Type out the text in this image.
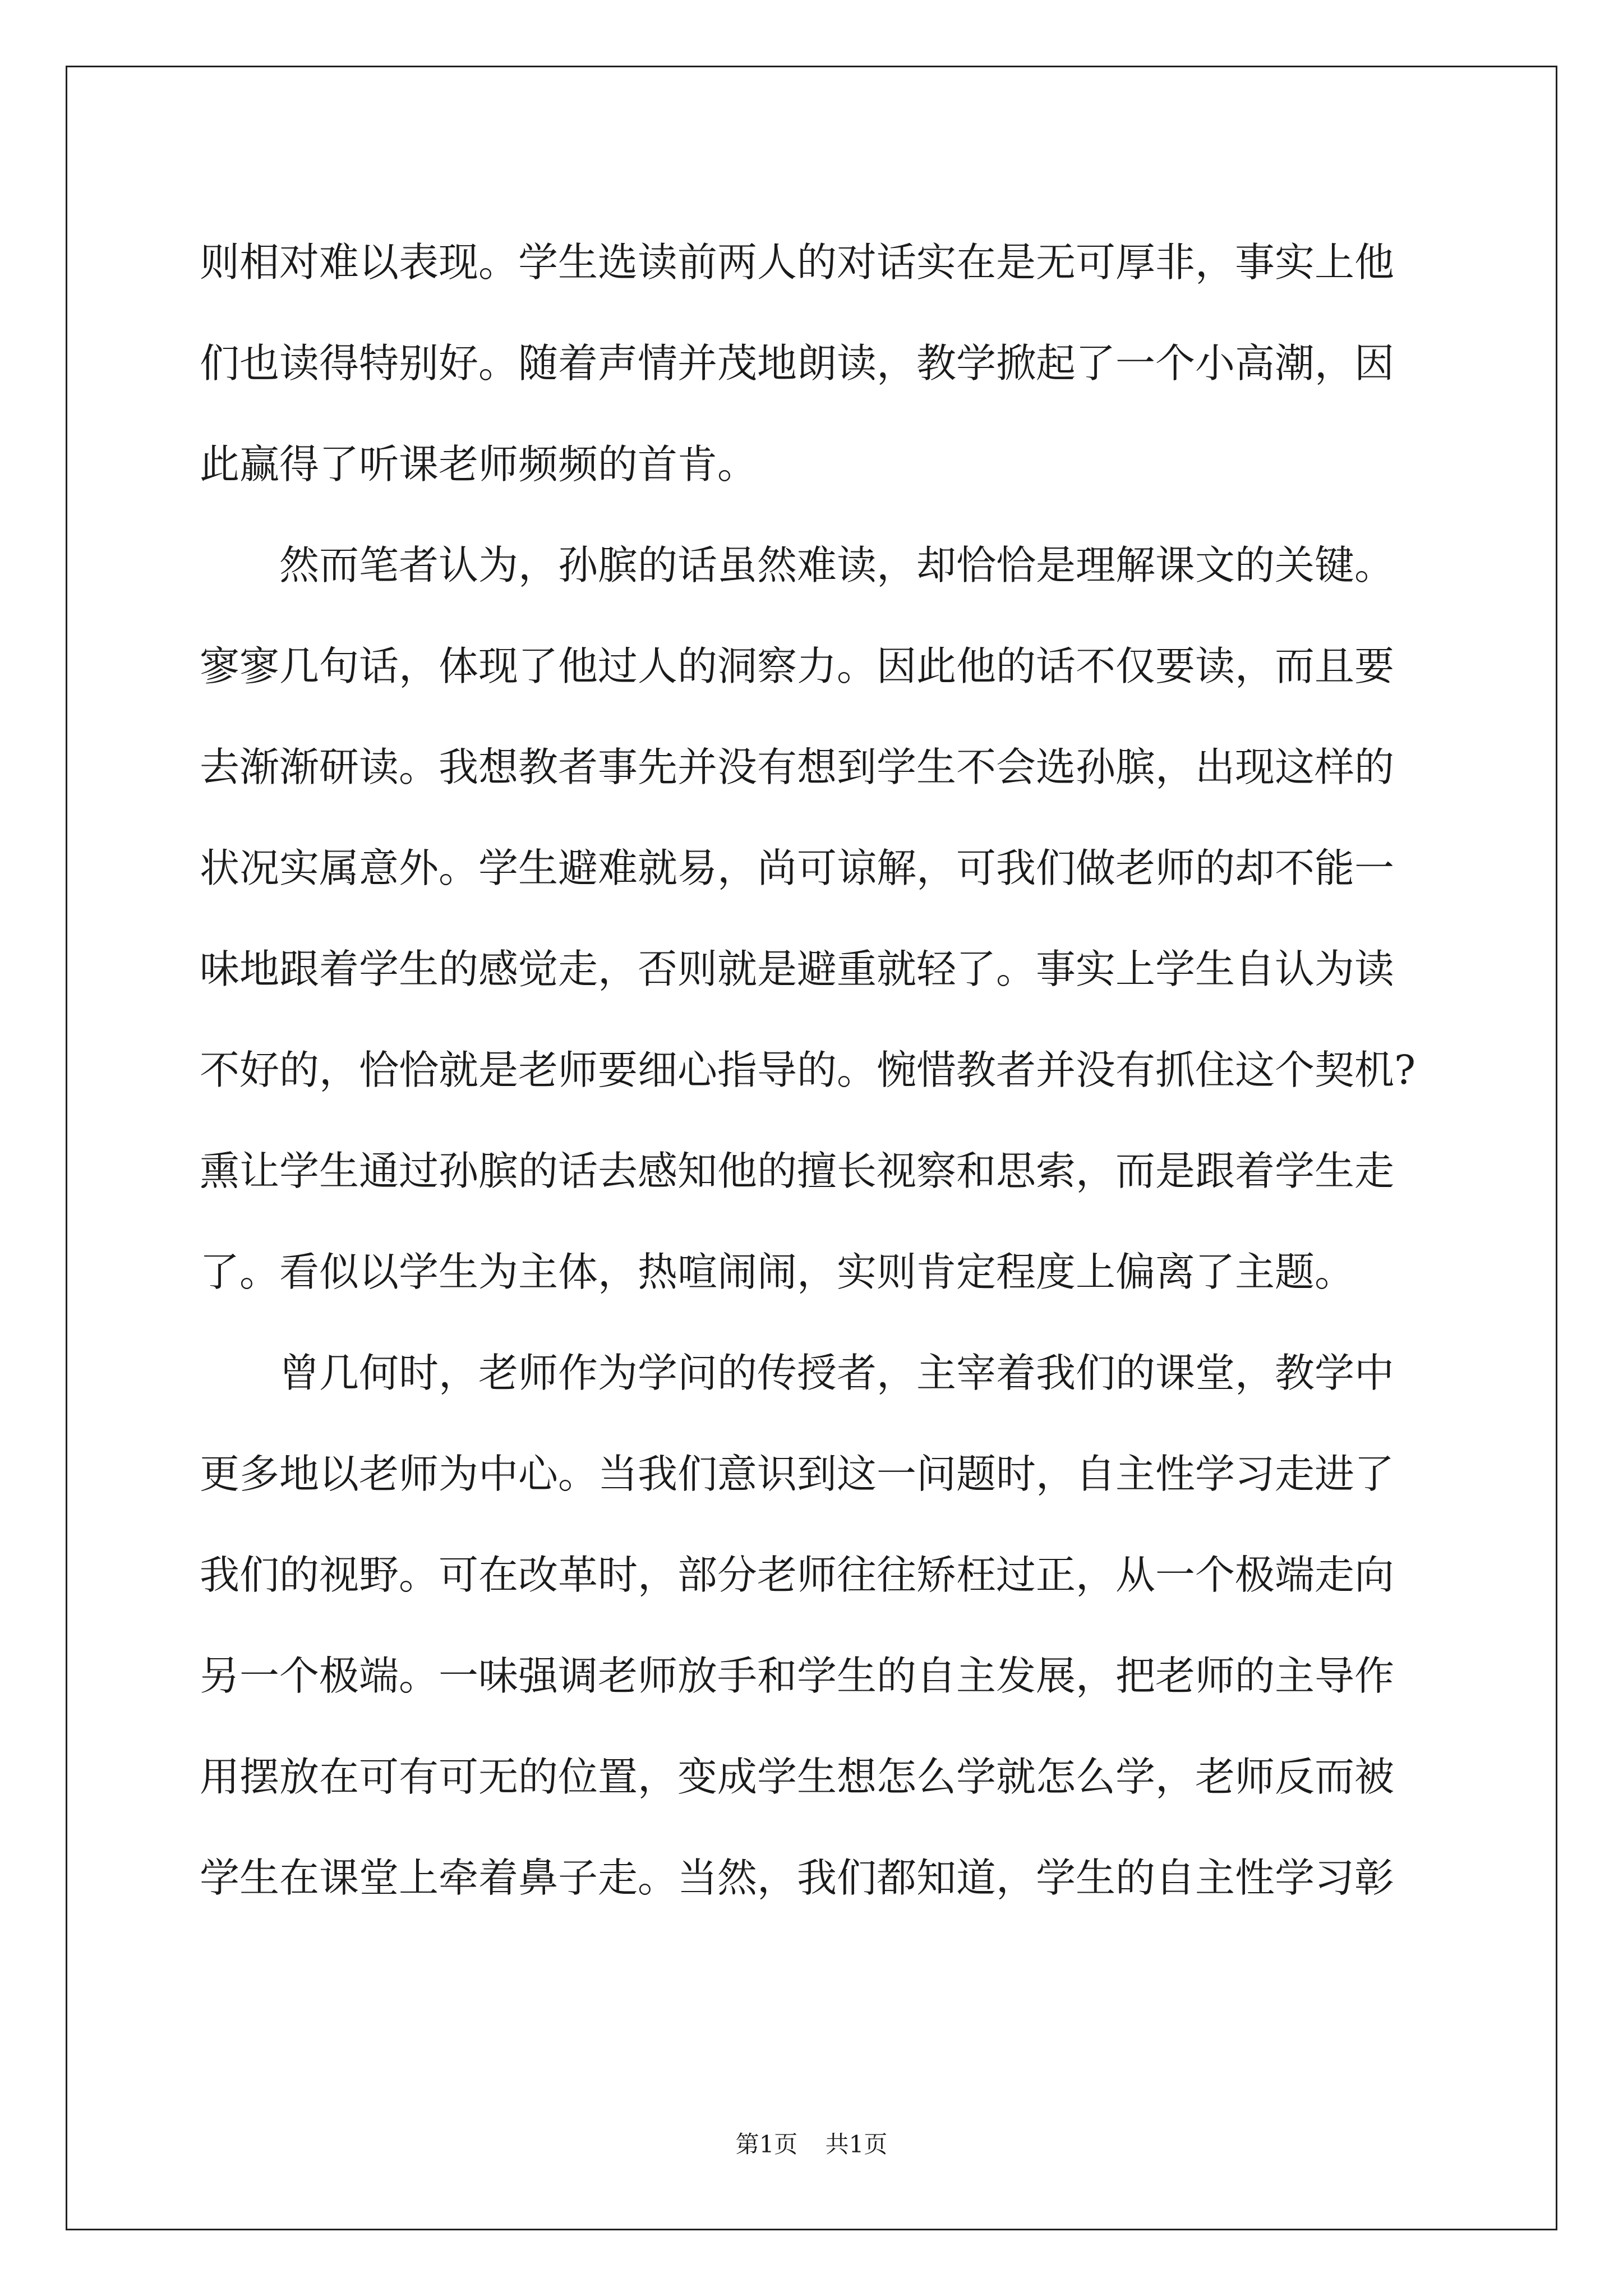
则相对难以表现。学生选读前两人的对话实在是无可厚非，事实上他
们也读得特别好。随着声情并茂地朗读，教学掀起了一个小高潮，因
此赢得了听课老师频频的首肯。
　　然而笔者认为，孙膑的话虽然难读，却恰恰是理解课文的关键。
寥寥几句话，体现了他过人的洞察力。因此他的话不仅要读，而且要
去渐渐研读。我想教者事先并没有想到学生不会选孙膑，出现这样的
状况实属意外。学生避难就易，尚可谅解，可我们做老师的却不能一
味地跟着学生的感觉走，否则就是避重就轻了。事实上学生自认为读
不好的，恰恰就是老师要细心指导的。惋惜教者并没有抓住这个契机?
熏让学生通过孙膑的话去感知他的擅长视察和思索，而是跟着学生走
了。看似以学生为主体，热喧闹闹，实则肯定程度上偏离了主题。
　　曾几何时，老师作为学问的传授者，主宰着我们的课堂，教学中
更多地以老师为中心。当我们意识到这一问题时，自主性学习走进了
我们的视野。可在改革时，部分老师往往矫枉过正，从一个极端走向
另一个极端。一味强调老师放手和学生的自主发展，把老师的主导作
用摆放在可有可无的位置，变成学生想怎么学就怎么学，老师反而被
学生在课堂上牵着鼻子走。当然，我们都知道，学生的自主性学习彰
第1页 共1页
